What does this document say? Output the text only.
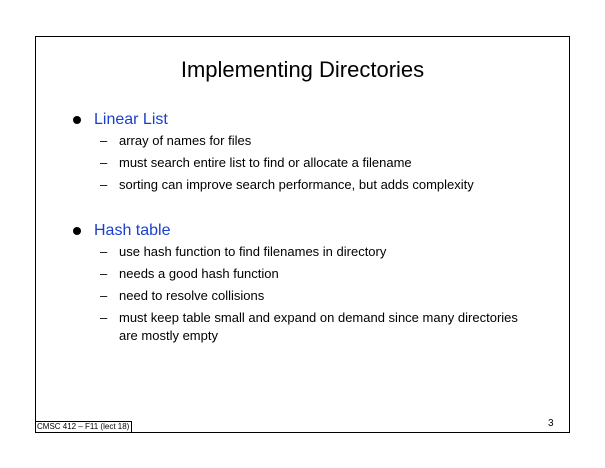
Implementing Directories
Linear List
– array of names for files
– must search entire list to find or allocate a filename
– sorting can improve search performance, but adds complexity
Hash table
– use hash function to find filenames in directory
– needs a good hash function
– need to resolve collisions
– must keep table small and expand on demand since many directories are mostly empty
CMSC 412 – F11 (lect 18)	3
